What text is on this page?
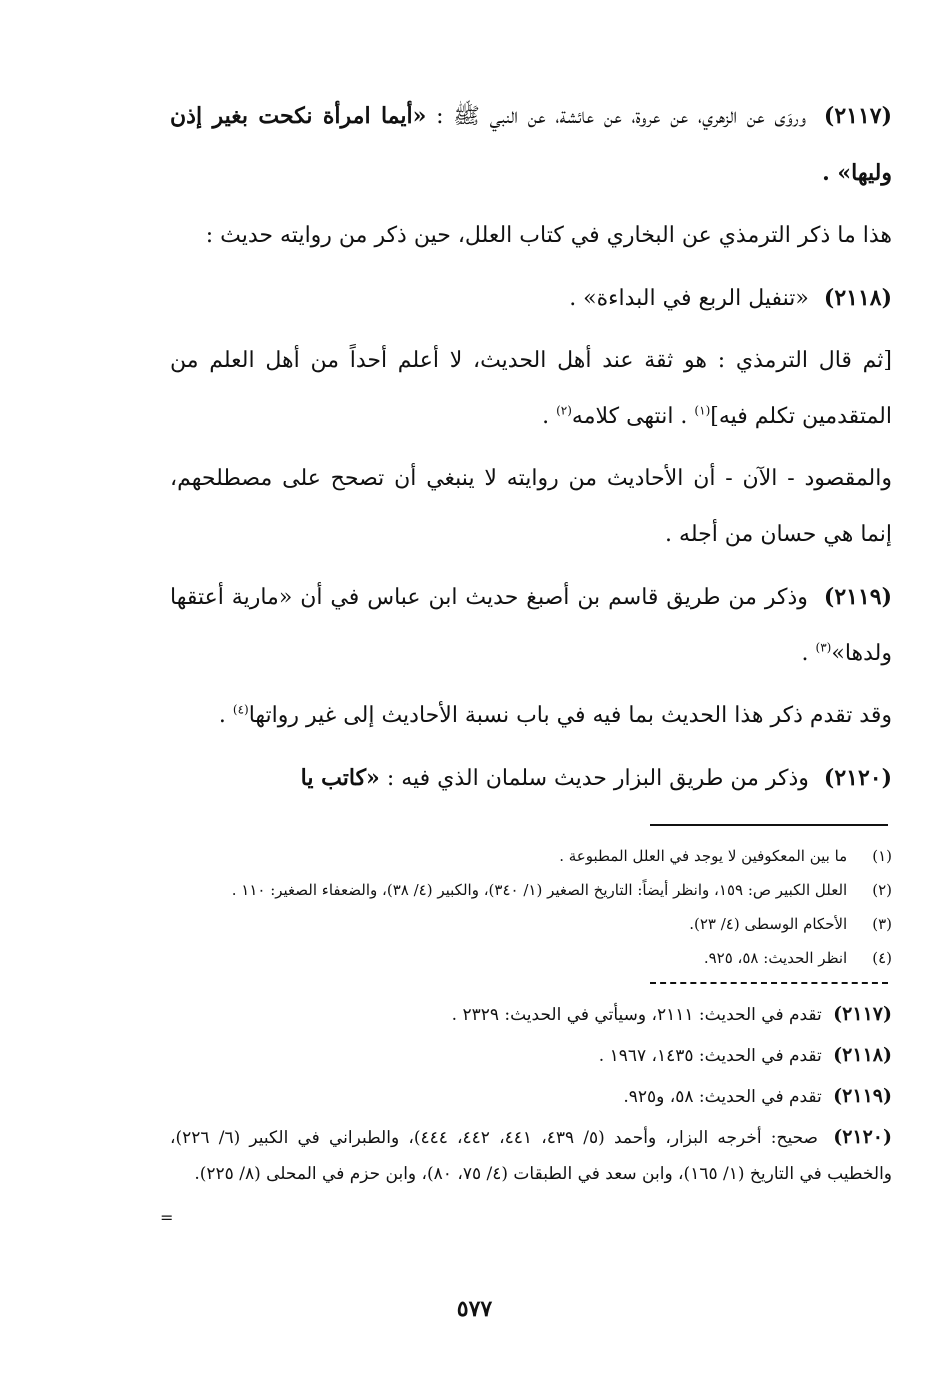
(٢١١٧) وروَى عن الزهري، عن عروة، عن عائشة، عن النبي ﷺ : «أيما امرأة نكحت بغير إذن وليها» .

هذا ما ذكر الترمذي عن البخاري في كتاب العلل، حين ذكر من روايته حديث :

(٢١١٨) «تنفيل الربع في البداءة» .

[ثم قال الترمذي : هو ثقة عند أهل الحديث، لا أعلم أحداً من أهل العلم من المتقدمين تكلم فيه]$^{(١)}$ . انتهى كلامه$^{(٢)}$ .

والمقصود - الآن - أن الأحاديث من روايته لا ينبغي أن تصحح على مصطلحهم، إنما هي حسان من أجله .

(٢١١٩) وذكر من طريق قاسم بن أصبغ حديث ابن عباس في أن «مارية أعتقها ولدها»$^{(٣)}$ .

وقد تقدم ذكر هذا الحديث بما فيه في باب نسبة الأحاديث إلى غير رواتها$^{(٤)}$ .

(٢١٢٠) وذكر من طريق البزار حديث سلمان الذي فيه : «كاتب يا

(١) ما بين المعكوفين لا يوجد في العلل المطبوعة .

(٢) العلل الكبير ص: ١٥٩، وانظر أيضاً: التاريخ الصغير (١/ ٣٤٠)، والكبير (٤/ ٣٨)، والضعفاء الصغير: ١١٠ .

(٣) الأحكام الوسطى (٤/ ٢٣).

(٤) انظر الحديث: ٥٨، ٩٢٥.

(٢١١٧) تقدم في الحديث: ٢١١١، وسيأتي في الحديث: ٢٣٢٩ .

(٢١١٨) تقدم في الحديث: ١٤٣٥، ١٩٦٧ .

(٢١١٩) تقدم في الحديث: ٥٨، و٩٢٥.

(٢١٢٠) صحيح: أخرجه البزار، وأحمد (٥/ ٤٣٩، ٤٤١، ٤٤٢، ٤٤٤)، والطبراني في الكبير (٦/ ٢٢٦)، والخطيب في التاريخ (١/ ١٦٥)، وابن سعد في الطبقات (٤/ ٧٥، ٨٠)، وابن حزم في المحلى (٨/ ٢٢٥).

=
٥٧٧
